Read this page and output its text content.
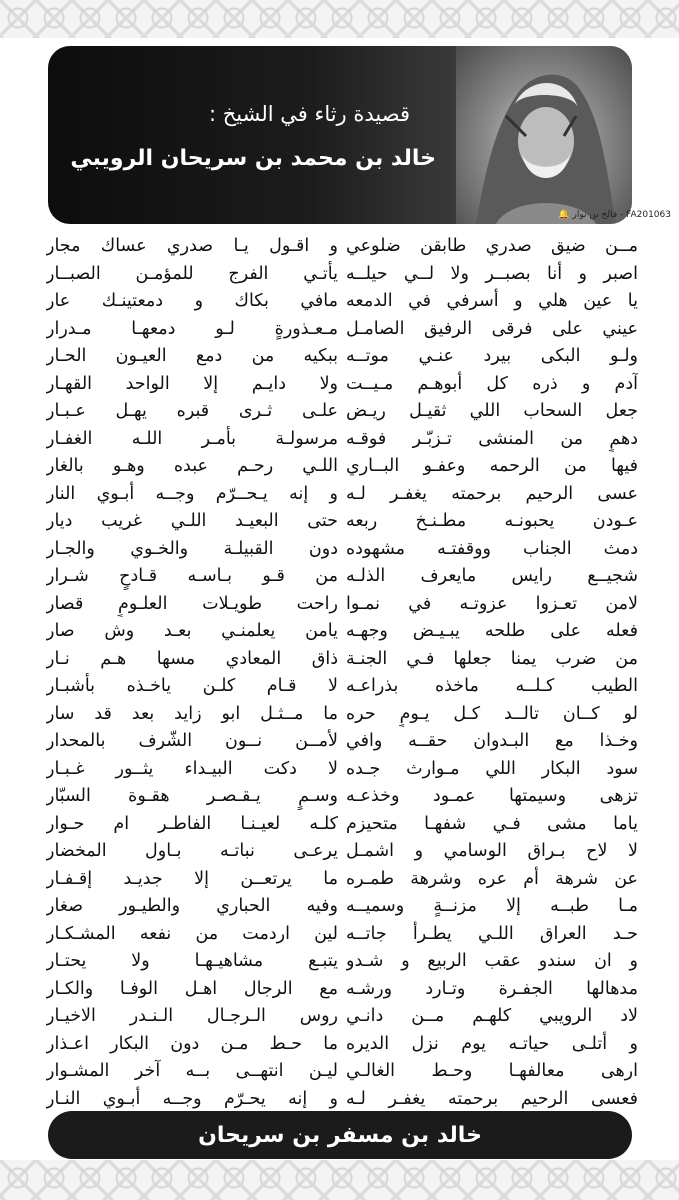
قصيدة رثاء في الشيخ :
خالد بن محمد بن سريحان الرويبي
FA201063 - فالح بن نوار 🔔
مــن ضيق صدري طابقن ضلوعي
اصبر و أنا بصبــر ولا لــي حيلــه
يا عين هلي و أسرفي في الدمعه
عيني على فرقى الرفيق الصامـل
ولـو البكى بيرد عنـي موتــه
آدم و ذره كل أبوهـم مـيــت
جعل السحاب اللي ثقيـل ريـض
دهمٍ من المنشى تـزبّـر فوقـه
فيها من الرحمه وعفـو البــاري
عسى الرحيم برحمته يغفـر لـه
عـودن يحبونـه مطـنـخ ربعه
دمث الجناب ووقفتـه مشهوده
شجيــع رايس مايعرف الذلـه
لامن تعـزوا عزوتـه في نمـوا
فعله على طلحه يبـيـض وجهـه
من ضرب يمنا جعلها فـي الجنـة
الطيب كـلــه ماخذه بذراعـه
لو كــان تالــد كـل يـومٍ حره
وخـذا مع البـدوان حقــه وافي
سود البكار اللي مـوارث جـده
تزهى وسيمتها عمـود وخذعـه
ياما مشى فـي شفهـا متحيزم
لا لاح بـراق الوسامي و اشمـل
عن شرهة أم عره وشرهة طمـره
مـا طبــه إلا مزنــةٍ وسميــه
حـد العراق اللـي يطـرأ جاتــه
و ان سندو عقب الربيع و شـدو
مدهالها الجفـرة وتـارد ورشـه
لاد الرويبي كلهـم مــن دانـي
و أتلـى حياتـه يوم نزل الديره
ارهى معالفهـا وحـط الغالـي
فعسى الرحيم برحمته يغفـر لـه
و اقـول يـا صدري عساك مجار
يأتـي الفرج للمؤمـن الصبــار
مافي بكاك و دمعتينـك عار
مـعـذورةٍ لـو دمعهـا مـدرار
ببكيه من دمع العيـون الحـار
ولا دايـم إلا الواحد القهـار
علـى ثـرى قبره يهـل عـبـار
مرسولـة بأمـر اللـه الغفـار
اللـي رحـم عبده وهـو بالغار
و إنه يـحــرّم وجــه أبـوي النار
حتى البعيـد اللـي غريب ديار
دون القبيلـة والخـوي والجـار
من قـو بـاسـه قـادحٍ شـرار
راحت طويـلات العلـومٍ قصار
يامن يعلمنـي بعـد وش صار
ذاق المعادي مسها هـم نـار
لا قـام كلـن ياخـذه بأشبـار
ما مــثـل ابو زايد بعد قد سار
لأمــن نــون الشّرف بالمحدار
لا دكت البيـداء يثــور غـبـار
وسـمٍ يـقـصـر هقـوة السبّار
كلـه لعيـنـا الفاطـر ام حـوار
يرعـى نباتـه بـاول المخضار
ما يرتعــن إلا جديـد إقـفـار
وفيه الحباري والطيـور صغار
لين اردمت من نفعه المشـكـار
يتبـع مشاهيـهـا ولا يحتـار
مع الرجال اهـل الوفـا والكـار
روس الـرجـال الـنـدر الاخيـار
ما حـط مـن دون البكار اعـذار
ليـن انتهــى بــه آخر المشـوار
و إنه يحـرّم وجــه أبـوي النـار
خالد بن مسفر بن سريحان
